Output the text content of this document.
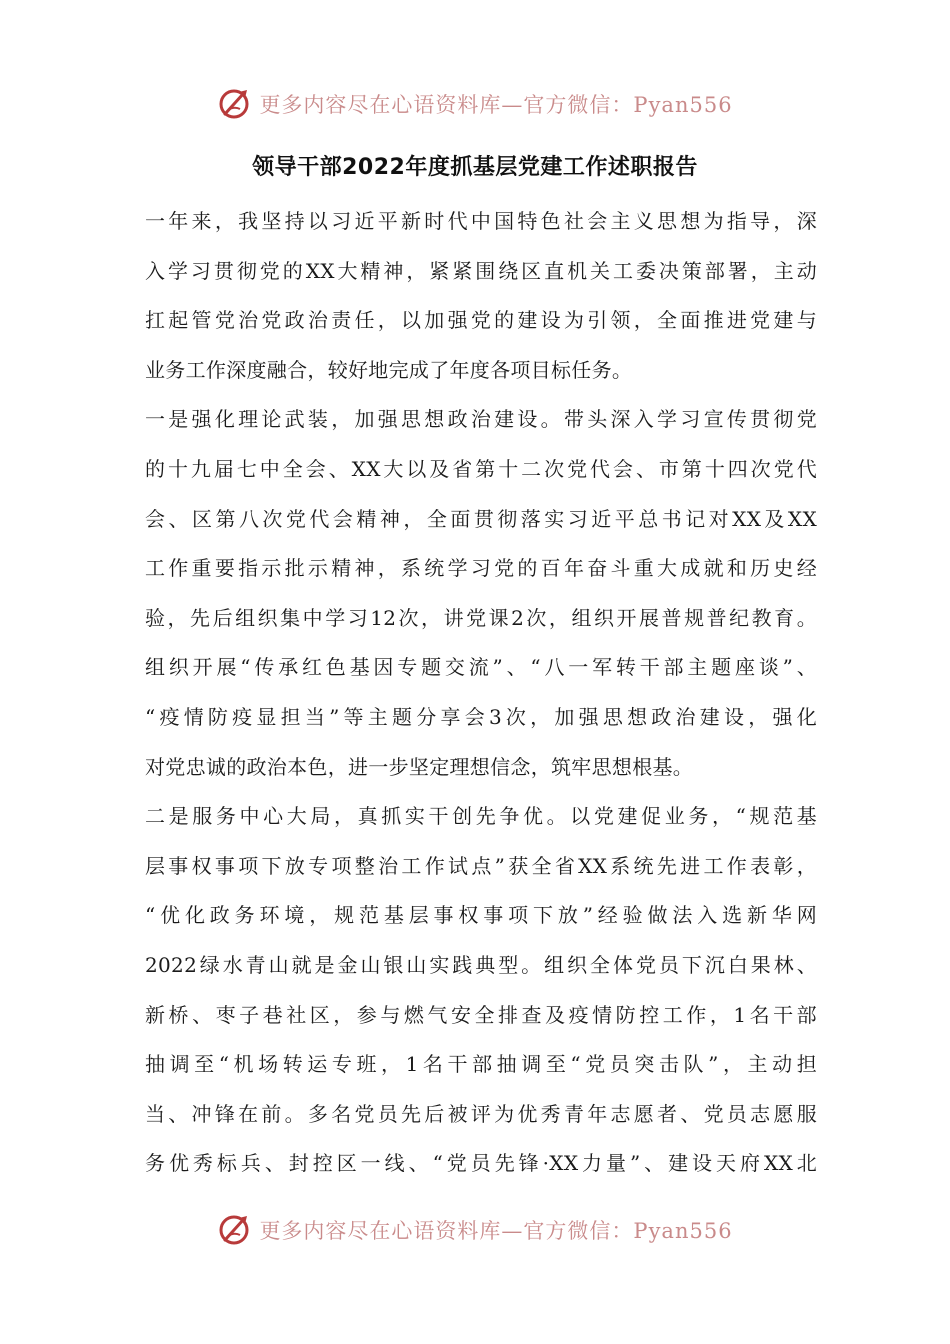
更多内容尽在心语资料库—官方微信：Pyan556
领导干部2022年度抓基层党建工作述职报告
一年来，我坚持以习近平新时代中国特色社会主义思想为指导，深
入学习贯彻党的XX大精神，紧紧围绕区直机关工委决策部署，主动
扛起管党治党政治责任，以加强党的建设为引领，全面推进党建与
业务工作深度融合，较好地完成了年度各项目标任务。
一是强化理论武装，加强思想政治建设。带头深入学习宣传贯彻党
的十九届七中全会、XX大以及省第十二次党代会、市第十四次党代
会、区第八次党代会精神，全面贯彻落实习近平总书记对XX及XX
工作重要指示批示精神，系统学习党的百年奋斗重大成就和历史经
验，先后组织集中学习12次，讲党课2次，组织开展普规普纪教育。
组织开展“传承红色基因专题交流”、“八一军转干部主题座谈”、
“疫情防疫显担当”等主题分享会3次，加强思想政治建设，强化
对党忠诚的政治本色，进一步坚定理想信念，筑牢思想根基。
二是服务中心大局，真抓实干创先争优。以党建促业务，“规范基
层事权事项下放专项整治工作试点”获全省XX系统先进工作表彰，
“优化政务环境，规范基层事权事项下放”经验做法入选新华网
2022绿水青山就是金山银山实践典型。组织全体党员下沉白果林、
新桥、枣子巷社区，参与燃气安全排查及疫情防控工作，1名干部
抽调至“机场转运专班，1名干部抽调至“党员突击队”，主动担
当、冲锋在前。多名党员先后被评为优秀青年志愿者、党员志愿服
务优秀标兵、封控区一线、“党员先锋·XX力量”、建设天府XX北
更多内容尽在心语资料库—官方微信：Pyan556
